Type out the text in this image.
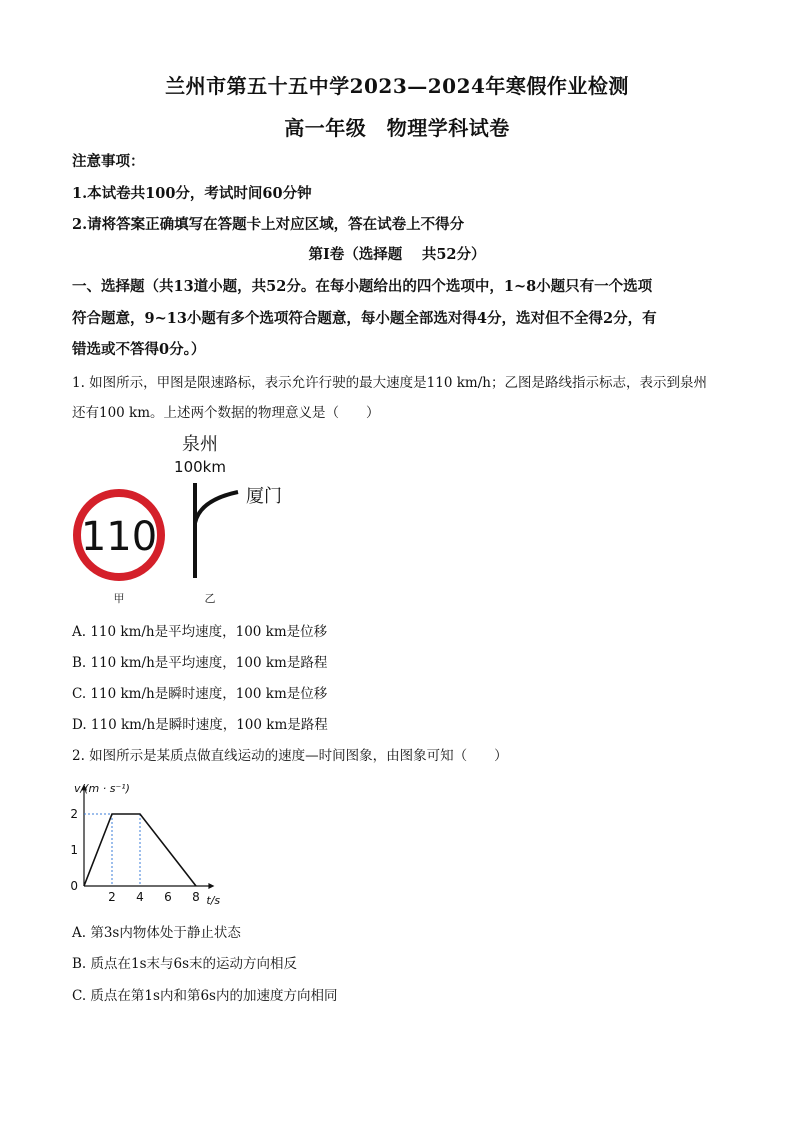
兰州市第五十五中学2023—2024年寒假作业检测
高一年级　物理学科试卷
注意事项：
1.本试卷共100分，考试时间60分钟
2.请将答案正确填写在答题卡上对应区域，答在试卷上不得分
第Ⅰ卷（选择题　 共52分）
一、选择题（共13道小题，共52分。在每小题给出的四个选项中，1~8小题只有一个选项
符合题意，9~13小题有多个选项符合题意，每小题全部选对得4分，选对但不全得2分，有
错选或不答得0分。）
1. 如图所示，甲图是限速路标，表示允许行驶的最大速度是110 km/h；乙图是路线指示标志，表示到泉州
还有100 km。上述两个数据的物理意义是（　　）
110
泉州
100km
厦门
甲	乙
A. 110 km/h是平均速度，100 km是位移
B. 110 km/h是平均速度，100 km是路程
C. 110 km/h是瞬时速度，100 km是位移
D. 110 km/h是瞬时速度，100 km是路程
2. 如图所示是某质点做直线运动的速度—时间图象，由图象可知（　　）
2 4 6 8
0
1
2
v/(m · s⁻¹)
t/s
A. 第3s内物体处于静止状态
B. 质点在1s末与6s末的运动方向相反
C. 质点在第1s内和第6s内的加速度方向相同
